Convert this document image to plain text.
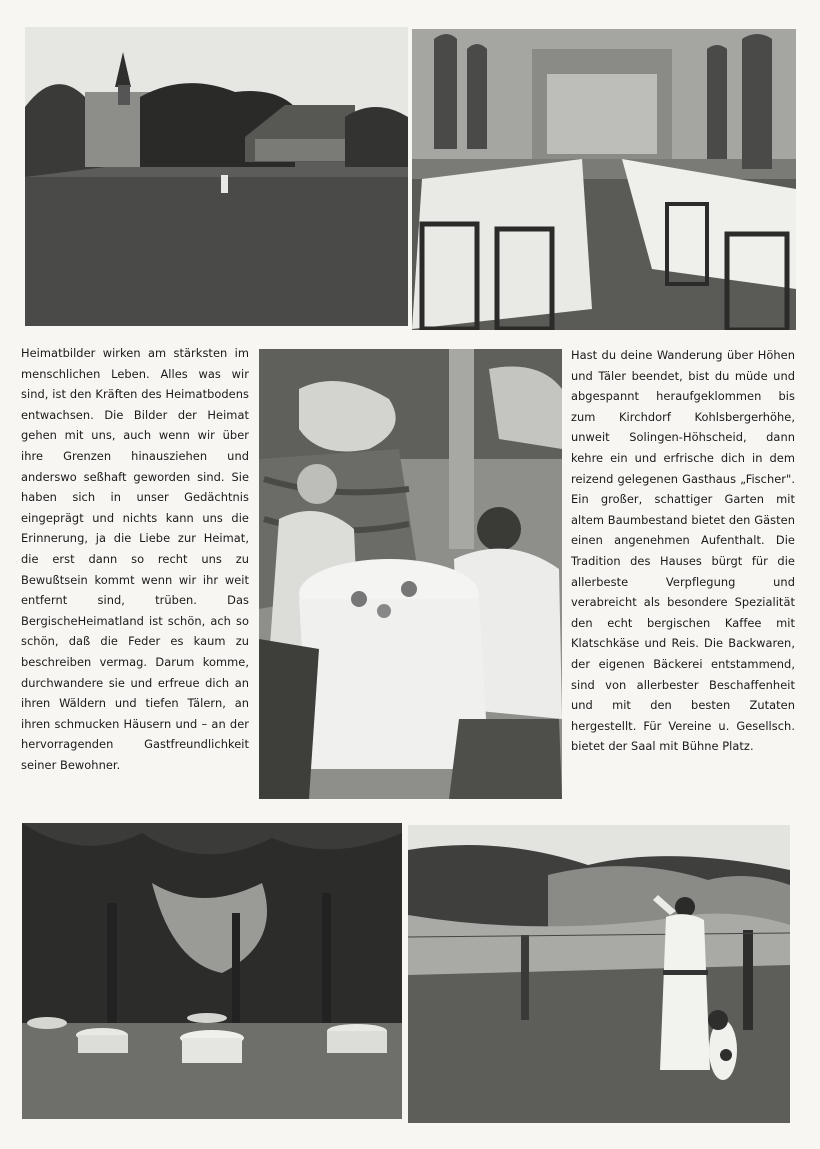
Heimatbilder wirken am stärksten im menschlichen Leben. Alles was wir sind, ist den Kräften des Heimatbodens entwachsen. Die Bilder der Heimat gehen mit uns, auch wenn wir über ihre Grenzen hinausziehen und anderswo seßhaft geworden sind. Sie haben sich in unser Gedächtnis eingeprägt und nichts kann uns die Erinnerung, ja die Liebe zur Heimat, die erst dann so recht uns zu Bewußtsein kommt wenn wir ihr weit entfernt sind, trüben. Das BergischeHeimatland ist schön, ach so schön, daß die Feder es kaum zu beschreiben vermag. Darum komme, durchwandere sie und erfreue dich an ihren Wäldern und tiefen Tälern, an ihren schmucken Häusern und – an der hervorragenden Gastfreundlichkeit seiner Bewohner.

Hast du deine Wanderung über Höhen und Täler beendet, bist du müde und abgespannt heraufgeklommen bis zum Kirchdorf Kohlsbergerhöhe, unweit Solingen-Höhscheid, dann kehre ein und erfrische dich in dem reizend gelegenen Gasthaus „Fischer". Ein großer, schattiger Garten mit altem Baumbestand bietet den Gästen einen angenehmen Aufenthalt. Die Tradition des Hauses bürgt für die allerbeste Verpflegung und verabreicht als besondere Spezialität den echt bergischen Kaffee mit Klatschkäse und Reis. Die Backwaren, der eigenen Bäckerei entstammend, sind von allerbester Beschaffenheit und mit den besten Zutaten hergestellt. Für Vereine u. Gesellsch. bietet der Saal mit Bühne Platz.
